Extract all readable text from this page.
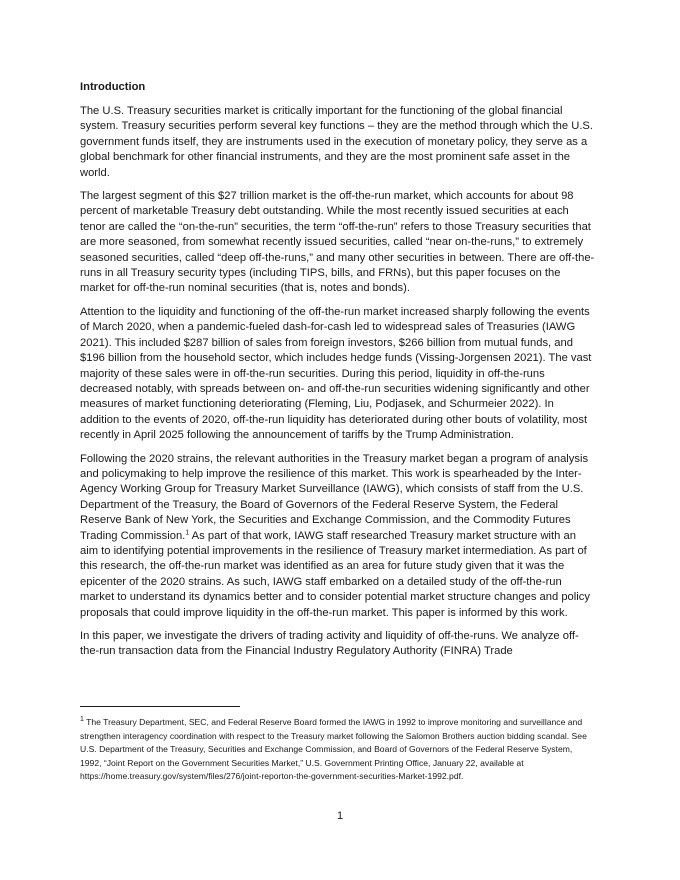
Introduction

The U.S. Treasury securities market is critically important for the functioning of the global financial system. Treasury securities perform several key functions – they are the method through which the U.S. government funds itself, they are instruments used in the execution of monetary policy, they serve as a global benchmark for other financial instruments, and they are the most prominent safe asset in the world.

The largest segment of this $27 trillion market is the off-the-run market, which accounts for about 98 percent of marketable Treasury debt outstanding. While the most recently issued securities at each tenor are called the “on-the-run” securities, the term “off-the-run” refers to those Treasury securities that are more seasoned, from somewhat recently issued securities, called “near on-the-runs,” to extremely seasoned securities, called “deep off-the-runs,” and many other securities in between. There are off-the-runs in all Treasury security types (including TIPS, bills, and FRNs), but this paper focuses on the market for off-the-run nominal securities (that is, notes and bonds).

Attention to the liquidity and functioning of the off-the-run market increased sharply following the events of March 2020, when a pandemic-fueled dash-for-cash led to widespread sales of Treasuries (IAWG 2021). This included $287 billion of sales from foreign investors, $266 billion from mutual funds, and $196 billion from the household sector, which includes hedge funds (Vissing-Jorgensen 2021). The vast majority of these sales were in off-the-run securities. During this period, liquidity in off-the-runs decreased notably, with spreads between on- and off-the-run securities widening significantly and other measures of market functioning deteriorating (Fleming, Liu, Podjasek, and Schurmeier 2022). In addition to the events of 2020, off-the-run liquidity has deteriorated during other bouts of volatility, most recently in April 2025 following the announcement of tariffs by the Trump Administration.

Following the 2020 strains, the relevant authorities in the Treasury market began a program of analysis and policymaking to help improve the resilience of this market. This work is spearheaded by the Inter-Agency Working Group for Treasury Market Surveillance (IAWG), which consists of staff from the U.S. Department of the Treasury, the Board of Governors of the Federal Reserve System, the Federal Reserve Bank of New York, the Securities and Exchange Commission, and the Commodity Futures Trading Commission.$^1$ As part of that work, IAWG staff researched Treasury market structure with an aim to identifying potential improvements in the resilience of Treasury market intermediation. As part of this research, the off-the-run market was identified as an area for future study given that it was the epicenter of the 2020 strains. As such, IAWG staff embarked on a detailed study of the off-the-run market to understand its dynamics better and to consider potential market structure changes and policy proposals that could improve liquidity in the off-the-run market. This paper is informed by this work.

In this paper, we investigate the drivers of trading activity and liquidity of off-the-runs. We analyze off-the-run transaction data from the Financial Industry Regulatory Authority (FINRA) Trade

$^1$ The Treasury Department, SEC, and Federal Reserve Board formed the IAWG in 1992 to improve monitoring and surveillance and strengthen interagency coordination with respect to the Treasury market following the Salomon Brothers auction bidding scandal. See U.S. Department of the Treasury, Securities and Exchange Commission, and Board of Governors of the Federal Reserve System, 1992, “Joint Report on the Government Securities Market,” U.S. Government Printing Office, January 22, available at https://home.treasury.gov/system/files/276/joint-reporton-the-government-securities-Market-1992.pdf.
1
